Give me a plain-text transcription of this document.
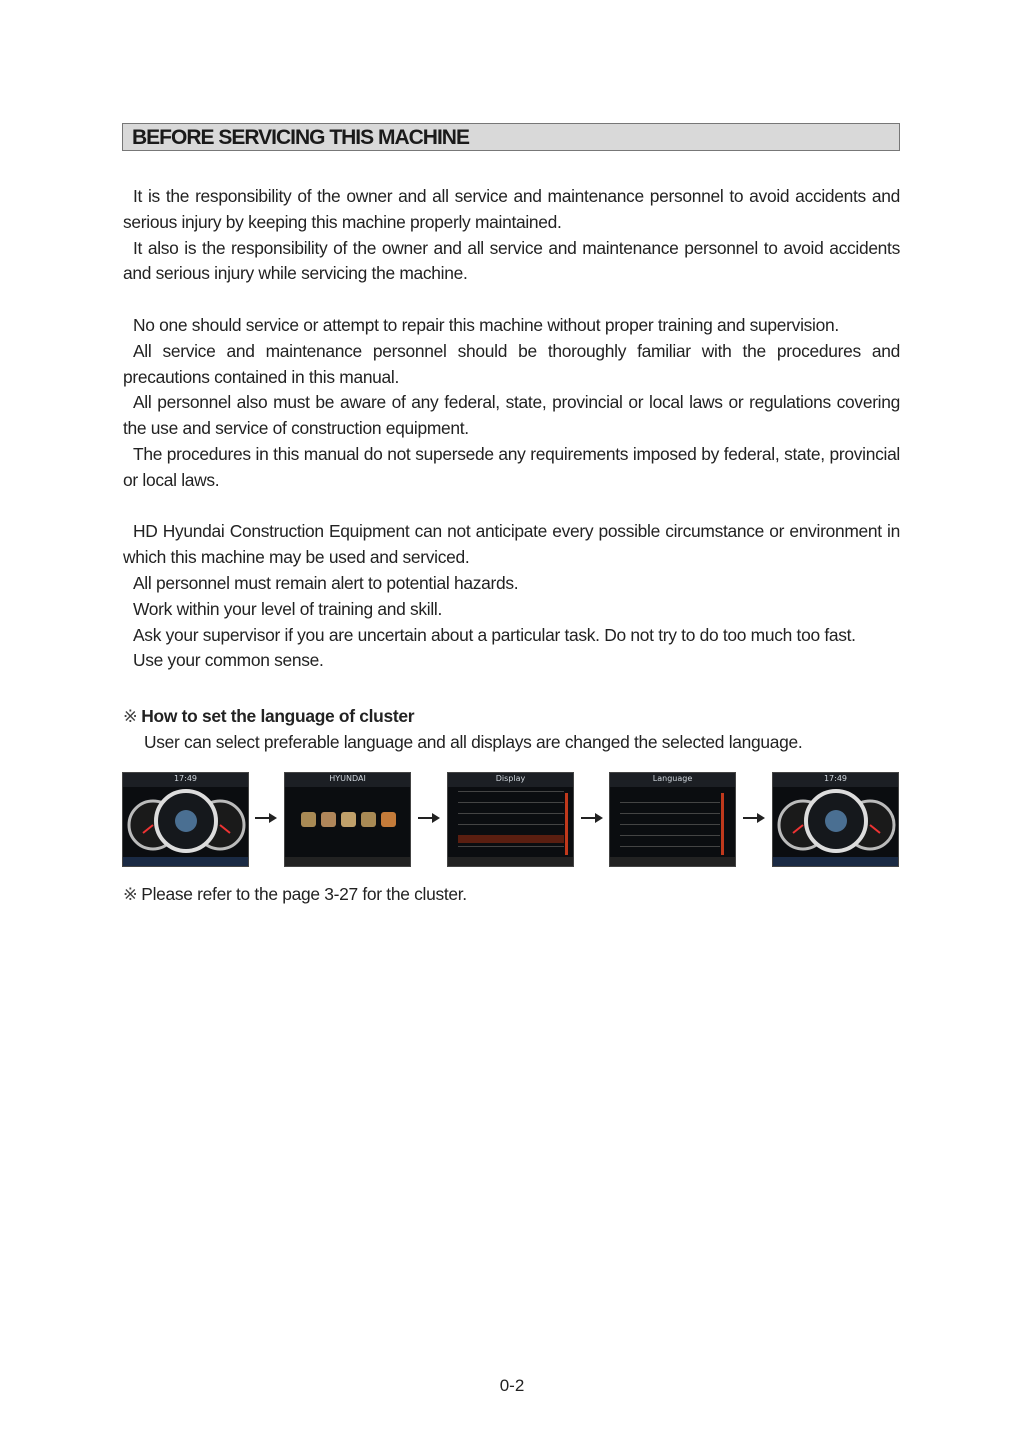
BEFORE SERVICING THIS MACHINE

It is the responsibility of the owner and all service and maintenance personnel to avoid accidents and serious injury by keeping this machine properly maintained.

It also is the responsibility of the owner and all service and maintenance personnel to avoid accidents and serious injury while servicing the machine.

No one should service or attempt to repair this machine without proper training and supervision.

All service and maintenance personnel should be thoroughly familiar with the procedures and precautions contained in this manual.

All personnel also must be aware of any federal, state, provincial or local laws or regulations covering the use and service of construction equipment.

The procedures in this manual do not supersede any requirements imposed by federal, state, provincial or local laws.

HD Hyundai Construction Equipment can not anticipate every possible circumstance or environment in which this machine may be used and serviced.

All personnel must remain alert to potential hazards.

Work within your level of training and skill.

Ask your supervisor if you are uncertain about a particular task. Do not try to do too much too fast.

Use your common sense.

※ How to set the language of cluster
User can select preferable language and all displays are changed the selected language.
17:49	HYUNDAI	Display	Language	17:49
※ Please refer to the page 3-27 for the cluster.
0-2
